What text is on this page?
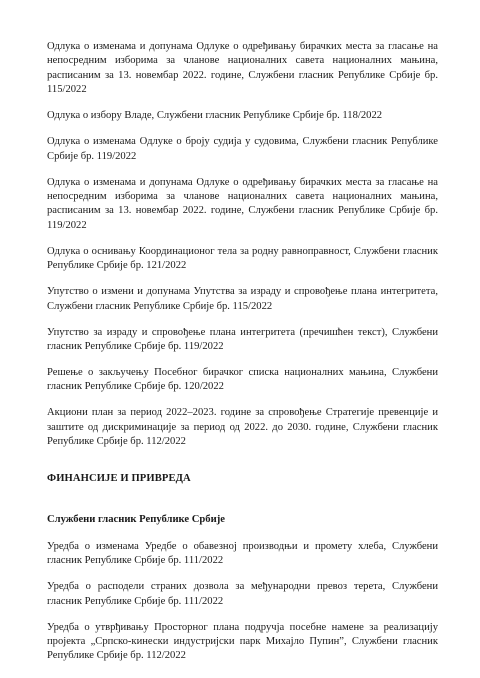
Одлука о изменама и допунама Одлуке о одређивању бирачких места за гласање на непосредним изборима за чланове националних савета националних мањина, расписаним за 13. новембар 2022. године, Службени гласник Републике Србије бр. 115/2022

Одлука о избору Владе, Службени гласник Републике Србије бр. 118/2022

Одлука о изменама Одлуке о броју судија у судовима, Службени гласник Републике Србије бр. 119/2022

Одлука о изменама и допунама Одлуке о одређивању бирачких места за гласање на непосредним изборима за чланове националних савета националних мањина, расписаним за 13. новембар 2022. године, Службени гласник Републике Србије бр. 119/2022

Одлука о оснивању Координационог тела за родну равноправност, Службени гласник Републике Србије бр. 121/2022

Упутство о измени и допунама Упутства за израду и спровођење плана интегритета, Службени гласник Републике Србије бр. 115/2022

Упутство за израду и спровођење плана интегритета (пречишћен текст), Службени гласник Републике Србије бр. 119/2022

Решење о закључењу Посебног бирачког списка националних мањина, Службени гласник Републике Србије бр. 120/2022

Акциони план за период 2022–2023. године за спровођење Стратегије превенције и заштите од дискриминације за период од 2022. до 2030. године, Службени гласник Републике Србије бр. 112/2022

ФИНАНСИЈЕ И ПРИВРЕДА
Службени гласник Републике Србије

Уредба о изменама Уредбе о обавезној производњи и промету хлеба, Службени гласник Републике Србије бр. 111/2022

Уредба о расподели страних дозвола за међународни превоз терета, Службени гласник Републике Србије бр. 111/2022

Уредба о утврђивању Просторног плана подручја посебне намене за реализацију пројекта „Српско-кинески индустријски парк Михајло Пупин”, Службени гласник Републике Србије бр. 112/2022
